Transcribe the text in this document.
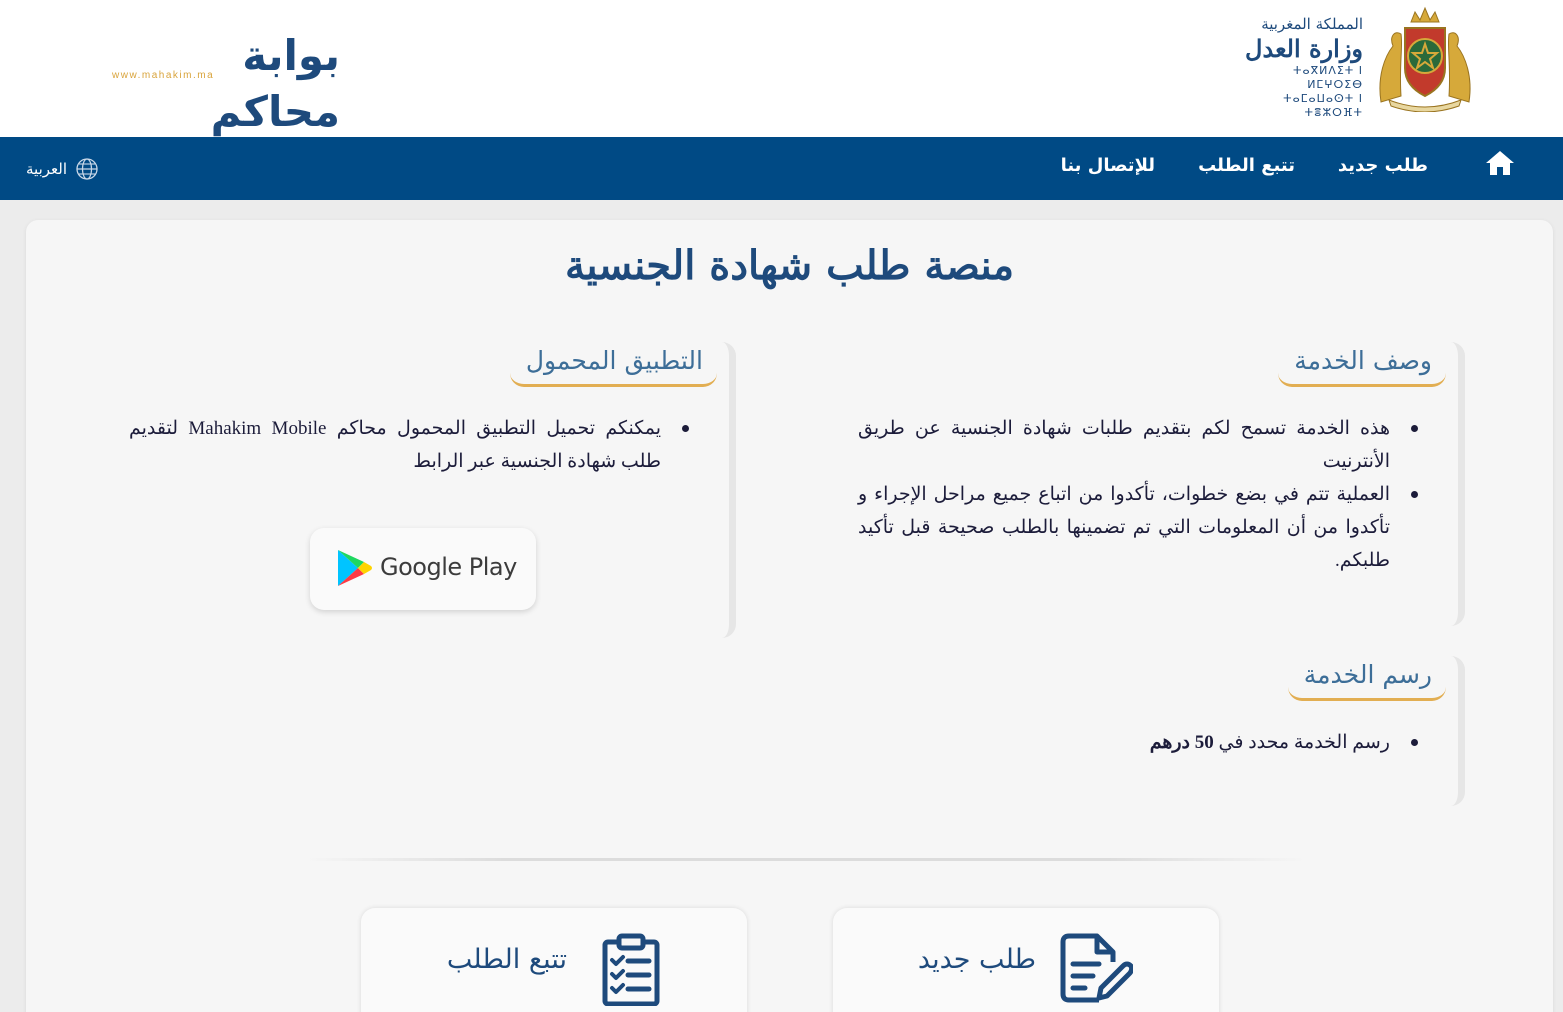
بوابة محاكم
www.mahakim.ma
المملكة المغربية
وزارة العدل
ⵜⴰⴳⵍⴷⵉⵜ ⵏ ⵍⵎⵖⵔⵉⴱ
ⵜⴰⵎⴰⵡⴰⵙⵜ ⵏ ⵜⴻⵣⵔⴼⵜ
طلب جديد
تتبع الطلب
للإتصال بنا
العربية
منصة طلب شهادة الجنسية
وصف الخدمة
هذه الخدمة تسمح لكم بتقديم طلبات شهادة الجنسية عن طريق الأنترنيت
العملية تتم في بضع خطوات، تأكدوا من اتباع جميع مراحل الإجراء و تأكدوا من أن المعلومات التي تم تضمينها بالطلب صحيحة قبل تأكيد طلبكم.
التطبيق المحمول
يمكنكم تحميل التطبيق المحمول محاكم Mahakim Mobile لتقديم طلب شهادة الجنسية عبر الرابط
Google Play
رسم الخدمة
رسم الخدمة محدد في 50 درهم
طلب جديد
تتبع الطلب
